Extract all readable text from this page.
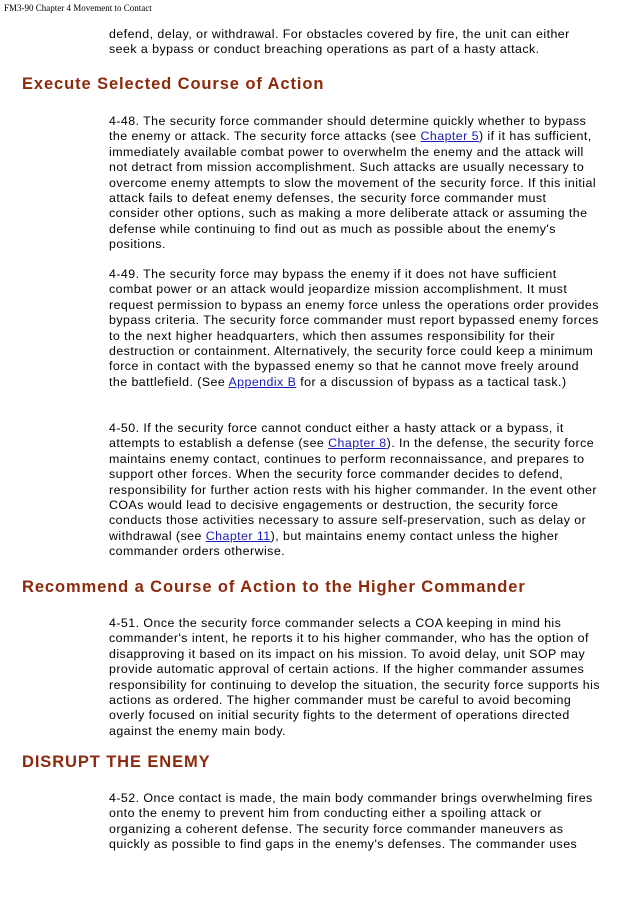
FM3-90 Chapter 4 Movement to Contact

defend, delay, or withdrawal. For obstacles covered by fire, the unit can either seek a bypass or conduct breaching operations as part of a hasty attack.

Execute Selected Course of Action

4-48. The security force commander should determine quickly whether to bypass the enemy or attack. The security force attacks (see Chapter 5) if it has sufficient, immediately available combat power to overwhelm the enemy and the attack will not detract from mission accomplishment. Such attacks are usually necessary to overcome enemy attempts to slow the movement of the security force. If this initial attack fails to defeat enemy defenses, the security force commander must consider other options, such as making a more deliberate attack or assuming the defense while continuing to find out as much as possible about the enemy's positions.

4-49. The security force may bypass the enemy if it does not have sufficient combat power or an attack would jeopardize mission accomplishment. It must request permission to bypass an enemy force unless the operations order provides bypass criteria. The security force commander must report bypassed enemy forces to the next higher headquarters, which then assumes responsibility for their destruction or containment. Alternatively, the security force could keep a minimum force in contact with the bypassed enemy so that he cannot move freely around the battlefield. (See Appendix B for a discussion of bypass as a tactical task.)

4-50. If the security force cannot conduct either a hasty attack or a bypass, it attempts to establish a defense (see Chapter 8). In the defense, the security force maintains enemy contact, continues to perform reconnaissance, and prepares to support other forces. When the security force commander decides to defend, responsibility for further action rests with his higher commander. In the event other COAs would lead to decisive engagements or destruction, the security force conducts those activities necessary to assure self-preservation, such as delay or withdrawal (see Chapter 11), but maintains enemy contact unless the higher commander orders otherwise.

Recommend a Course of Action to the Higher Commander

4-51. Once the security force commander selects a COA keeping in mind his commander's intent, he reports it to his higher commander, who has the option of disapproving it based on its impact on his mission. To avoid delay, unit SOP may provide automatic approval of certain actions. If the higher commander assumes responsibility for continuing to develop the situation, the security force supports his actions as ordered. The higher commander must be careful to avoid becoming overly focused on initial security fights to the determent of operations directed against the enemy main body.

DISRUPT THE ENEMY

4-52. Once contact is made, the main body commander brings overwhelming fires onto the enemy to prevent him from conducting either a spoiling attack or organizing a coherent defense. The security force commander maneuvers as quickly as possible to find gaps in the enemy's defenses. The commander uses
